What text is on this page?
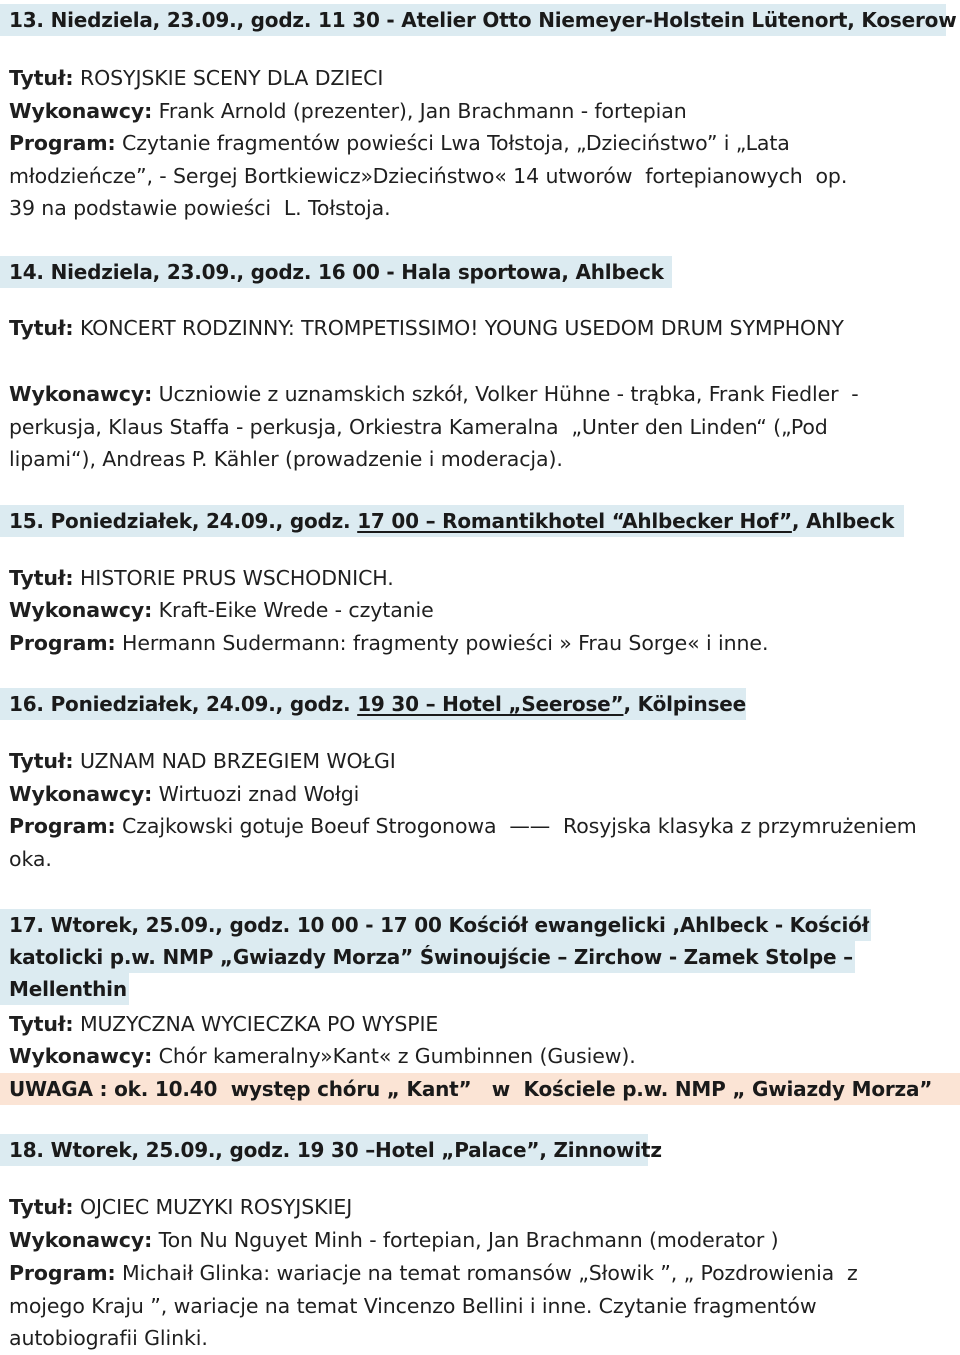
13. Niedziela, 23.09., godz. 11 30 - Atelier Otto Niemeyer-Holstein Lütenort, Koserow
Tytuł: ROSYJSKIE SCENY DLA DZIECI
Wykonawcy: Frank Arnold (prezenter), Jan Brachmann - fortepian
Program: Czytanie fragmentów powieści Lwa Tołstoja, „Dzieciństwo” i „Lata
młodzieńcze”, - Sergej Bortkiewicz»Dzieciństwo« 14 utworów  fortepianowych  op.
39 na podstawie powieści  L. Tołstoja.
14. Niedziela, 23.09., godz. 16 00 - Hala sportowa, Ahlbeck
Tytuł: KONCERT RODZINNY: TROMPETISSIMO! YOUNG USEDOM DRUM SYMPHONY
Wykonawcy: Uczniowie z uznamskich szkół, Volker Hühne - trąbka, Frank Fiedler  -
perkusja, Klaus Staffa - perkusja, Orkiestra Kameralna  „Unter den Linden“ („Pod
lipami“), Andreas P. Kähler (prowadzenie i moderacja).
15. Poniedziałek, 24.09., godz. 17 00 – Romantikhotel “Ahlbecker Hof”, Ahlbeck
Tytuł: HISTORIE PRUS WSCHODNICH.
Wykonawcy: Kraft-Eike Wrede - czytanie
Program: Hermann Sudermann: fragmenty powieści » Frau Sorge« i inne.
16. Poniedziałek, 24.09., godz. 19 30 – Hotel „Seerose”, Kölpinsee
Tytuł: UZNAM NAD BRZEGIEM WOŁGI
Wykonawcy: Wirtuozi znad Wołgi
Program: Czajkowski gotuje Boeuf Strogonowa  ——  Rosyjska klasyka z przymrużeniem
oka.
17. Wtorek, 25.09., godz. 10 00 - 17 00 Kościół ewangelicki ,Ahlbeck - Kościół
katolicki p.w. NMP „Gwiazdy Morza” Świnoujście – Zirchow - Zamek Stolpe –
Mellenthin
Tytuł: MUZYCZNA WYCIECZKA PO WYSPIE
Wykonawcy: Chór kameralny»Kant« z Gumbinnen (Gusiew).
UWAGA : ok. 10.40  występ chóru „ Kant”   w  Kościele p.w. NMP „ Gwiazdy Morza”
18. Wtorek, 25.09., godz. 19 30 –Hotel „Palace”, Zinnowitz
Tytuł: OJCIEC MUZYKI ROSYJSKIEJ
Wykonawcy: Ton Nu Nguyet Minh - fortepian, Jan Brachmann (moderator )
Program: Michaił Glinka: wariacje na temat romansów „Słowik ”, „ Pozdrowienia  z
mojego Kraju ”, wariacje na temat Vincenzo Bellini i inne. Czytanie fragmentów
autobiografii Glinki.
